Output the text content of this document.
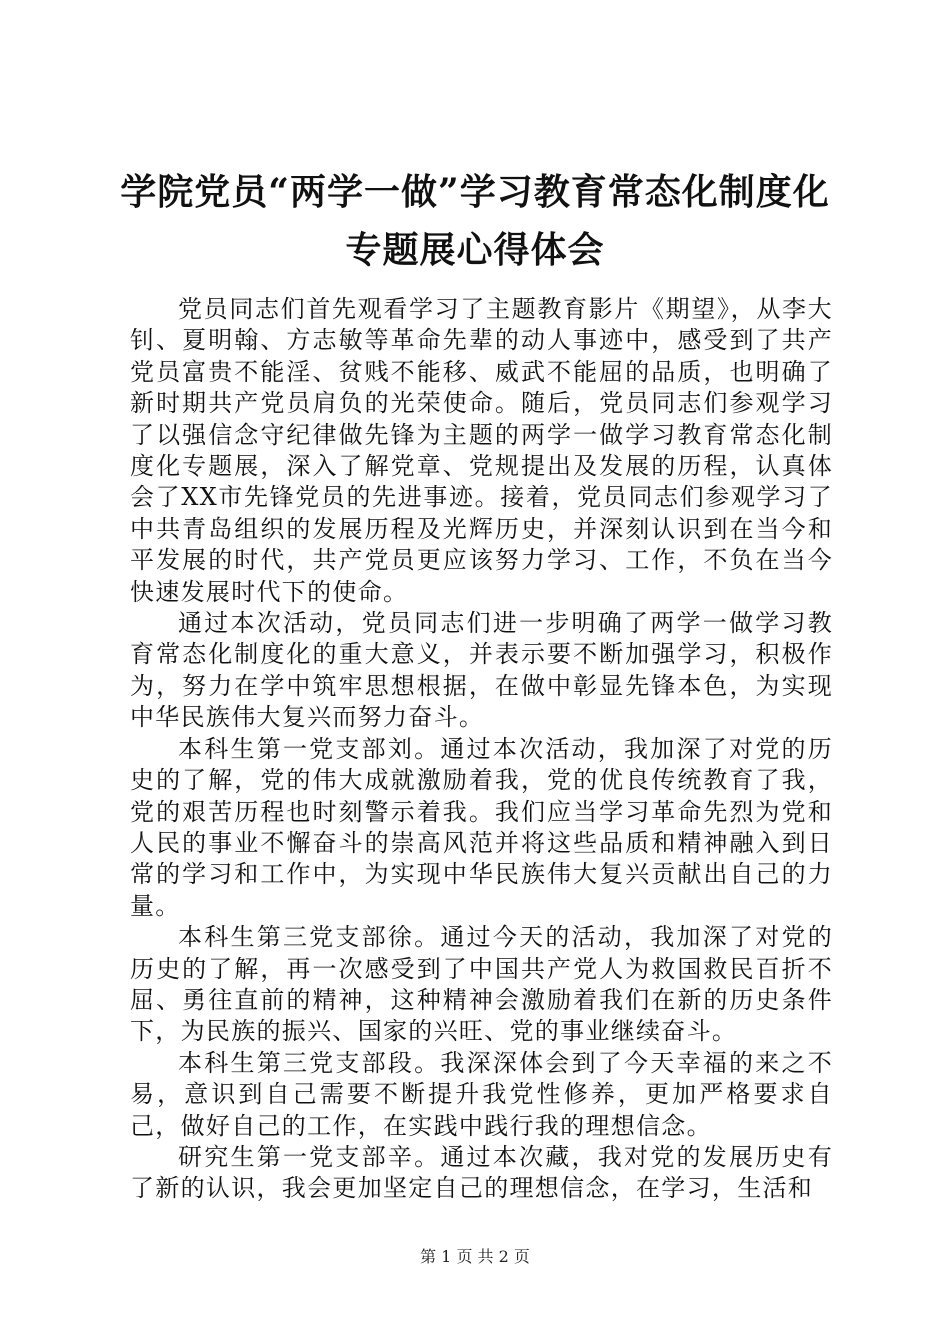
学院党员“两学一做”学习教育常态化制度化
专题展心得体会

党员同志们首先观看学习了主题教育影片《期望》，从李大钊、夏明翰、方志敏等革命先辈的动人事迹中，感受到了共产党员富贵不能淫、贫贱不能移、威武不能屈的品质，也明确了新时期共产党员肩负的光荣使命。随后，党员同志们参观学习了以强信念守纪律做先锋为主题的两学一做学习教育常态化制度化专题展，深入了解党章、党规提出及发展的历程，认真体会了XX市先锋党员的先进事迹。接着，党员同志们参观学习了中共青岛组织的发展历程及光辉历史，并深刻认识到在当今和平发展的时代，共产党员更应该努力学习、工作，不负在当今快速发展时代下的使命。

通过本次活动，党员同志们进一步明确了两学一做学习教育常态化制度化的重大意义，并表示要不断加强学习，积极作为，努力在学中筑牢思想根据，在做中彰显先锋本色，为实现中华民族伟大复兴而努力奋斗。

本科生第一党支部刘。通过本次活动，我加深了对党的历史的了解，党的伟大成就激励着我，党的优良传统教育了我，党的艰苦历程也时刻警示着我。我们应当学习革命先烈为党和人民的事业不懈奋斗的崇高风范并将这些品质和精神融入到日常的学习和工作中，为实现中华民族伟大复兴贡献出自己的力量。

本科生第三党支部徐。通过今天的活动，我加深了对党的历史的了解，再一次感受到了中国共产党人为救国救民百折不屈、勇往直前的精神，这种精神会激励着我们在新的历史条件下，为民族的振兴、国家的兴旺、党的事业继续奋斗。

本科生第三党支部段。我深深体会到了今天幸福的来之不易，意识到自己需要不断提升我党性修养，更加严格要求自己，做好自己的工作，在实践中践行我的理想信念。

研究生第一党支部辛。通过本次藏，我对党的发展历史有了新的认识，我会更加坚定自己的理想信念，在学习，生活和

第 1 页 共 2 页
